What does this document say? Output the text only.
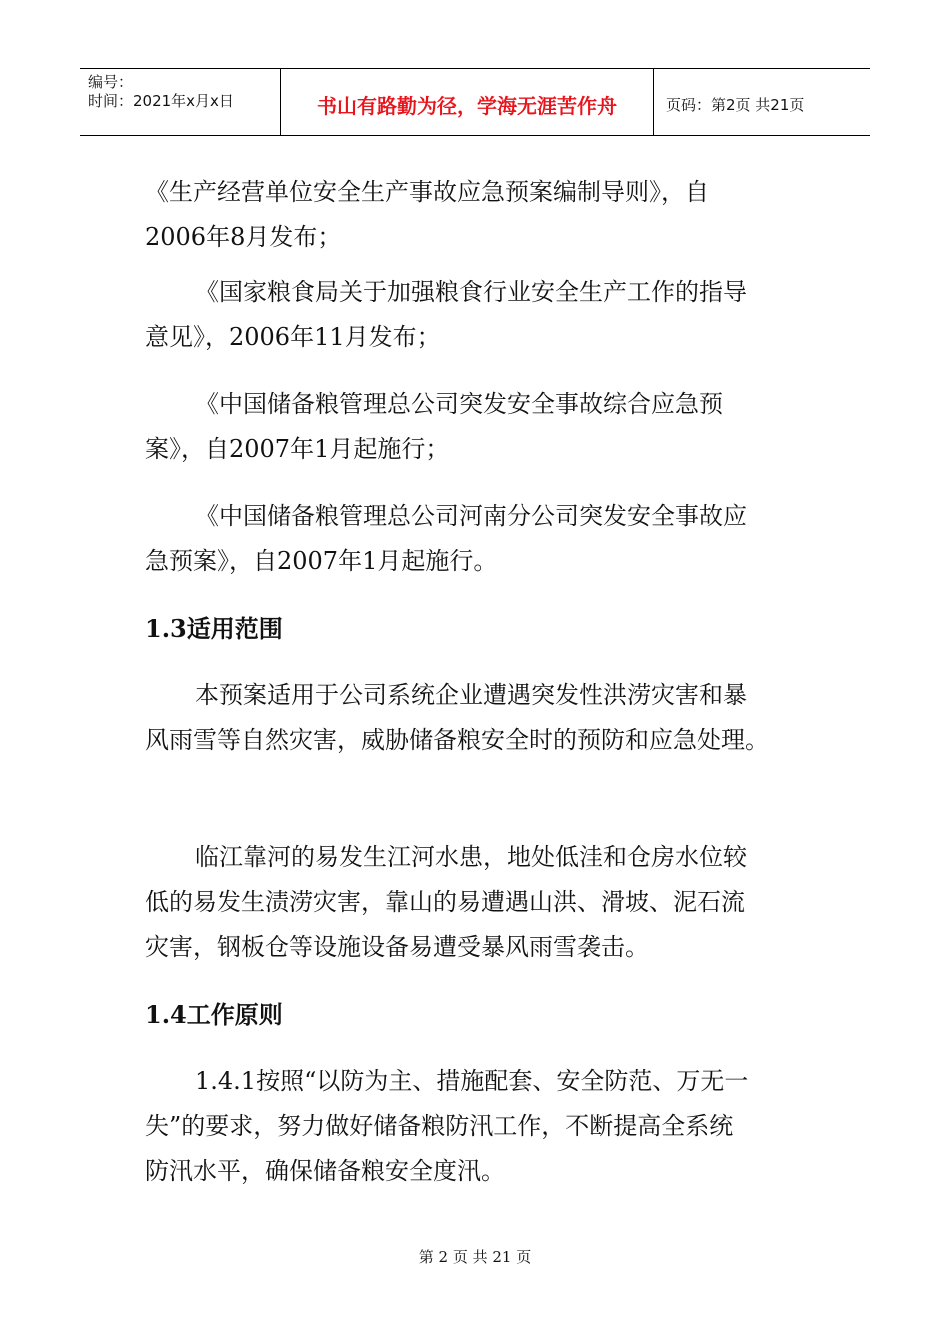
编号：
时间：2021年x月x日	书山有路勤为径，学海无涯苦作舟	页码：第2页 共21页
《生产经营单位安全生产事故应急预案编制导则》，自
2006年8月发布；
《国家粮食局关于加强粮食行业安全生产工作的指导
意见》，2006年11月发布；
《中国储备粮管理总公司突发安全事故综合应急预
案》，自2007年1月起施行；
《中国储备粮管理总公司河南分公司突发安全事故应
急预案》，自2007年1月起施行。
1.3适用范围
本预案适用于公司系统企业遭遇突发性洪涝灾害和暴
风雨雪等自然灾害，威胁储备粮安全时的预防和应急处理。
临江靠河的易发生江河水患，地处低洼和仓房水位较
低的易发生渍涝灾害，靠山的易遭遇山洪、滑坡、泥石流
灾害，钢板仓等设施设备易遭受暴风雨雪袭击。
1.4工作原则
1.4.1按照“以防为主、措施配套、安全防范、万无一
失”的要求，努力做好储备粮防汛工作，不断提高全系统
防汛水平，确保储备粮安全度汛。
第 2 页 共 21 页
